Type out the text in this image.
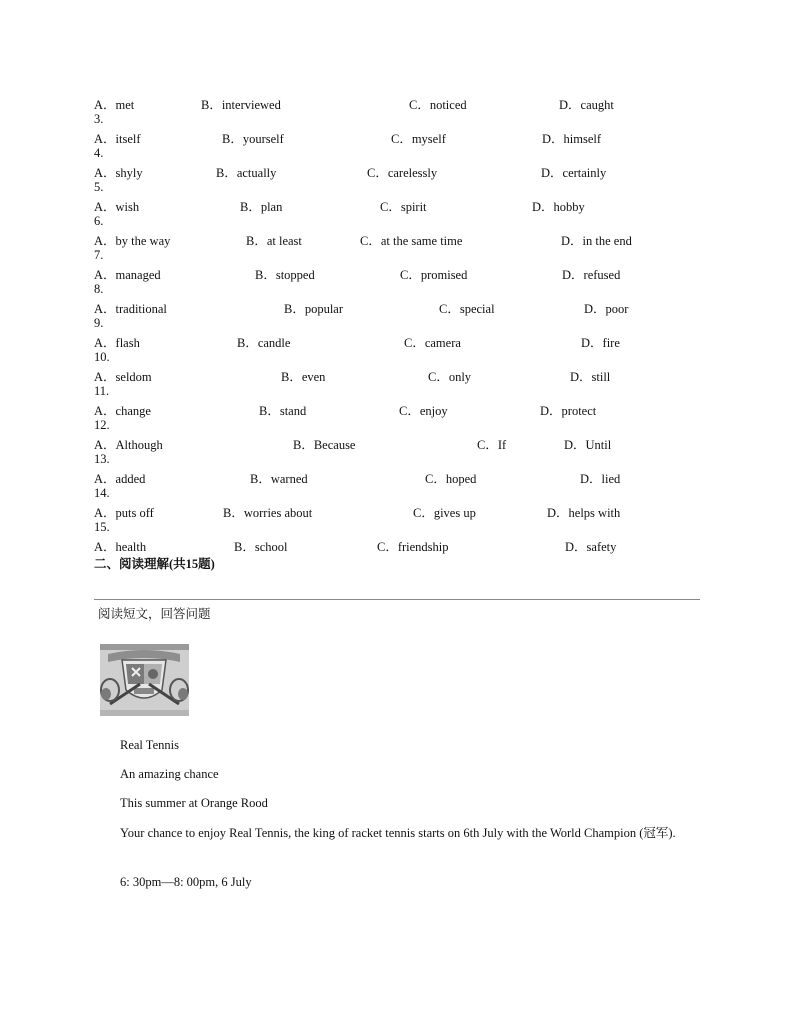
A．met	B．interviewed	C．noticed	D．caught
3.
A．itself	B．yourself	C．myself	D．himself
4.
A．shyly	B．actually	C．carelessly	D．certainly
5.
A．wish	B．plan	C．spirit	D．hobby
6.
A．by the way	B．at least	C．at the same time	D．in the end
7.
A．managed	B．stopped	C．promised	D．refused
8.
A．traditional	B．popular	C．special	D．poor
9.
A．flash	B．candle	C．camera	D．fire
10.
A．seldom	B．even	C．only	D．still
11.
A．change	B．stand	C．enjoy	D．protect
12.
A．Although	B．Because	C．If	D．Until
13.
A．added	B．warned	C．hoped	D．lied
14.
A．puts off	B．worries about	C．gives up	D．helps with
15.
A．health	B．school	C．friendship	D．safety
二、阅读理解(共15题)
阅读短文，回答问题
Real Tennis
An amazing chance
This summer at Orange Rood
Your chance to enjoy Real Tennis, the king of racket tennis starts on 6th July with the World Champion (冠军).
6: 30pm—8: 00pm, 6 July
